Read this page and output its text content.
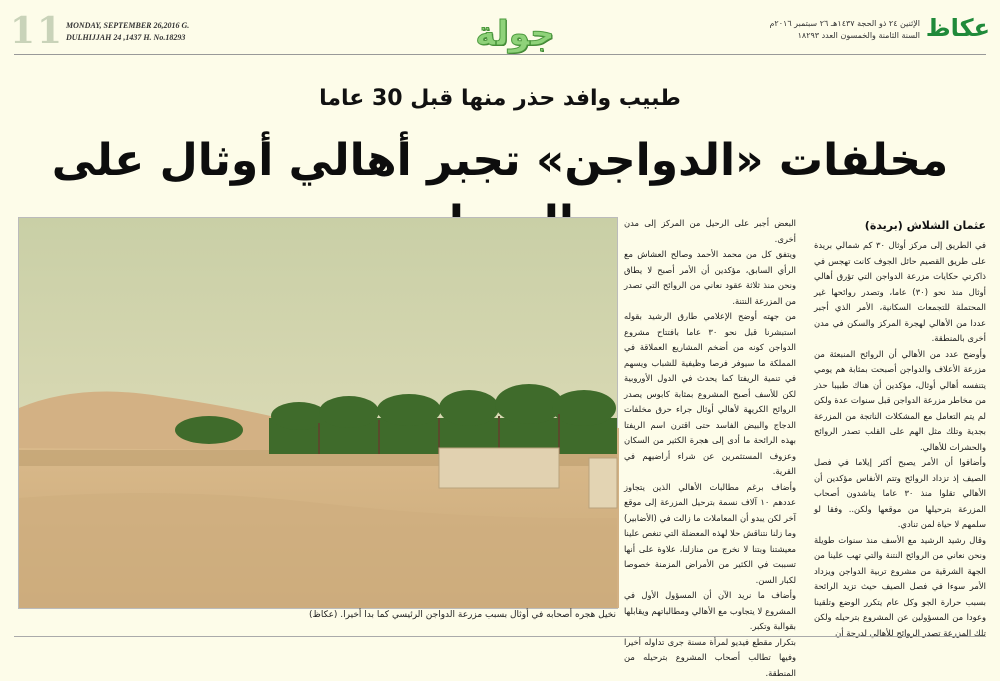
11 MONDAY, SEPTEMBER 26,2016 G.
DULHIJJAH 24 ,1437 H. No.18293	جولة	عكاظ
الإثنين ٢٤ ذو الحجة ١٤٣٧هـ ٢٦ سبتمبر ٢٠١٦م
السنة الثامنة والخمسون العدد ١٨٢٩٣
طبيب وافد حذر منها قبل 30 عاما
مخلفات «الدواجن» تجبر أهالي أوثال على
نخيل هجره أصحابه في أوثال بسبب مزرعة الدواجن الرئيسي كما بدا أخيرا. (عكاظ)
عثمان الشلاش (بريدة)

في الطريق إلى مركز أوثال ٣٠ كم شمالي بريدة على طريق القصيم حائل الجوف كانت تهجس في ذاكرتي حكايات مزرعة الدواجن التي تؤرق أهالي أوثال منذ نحو (٣٠) عاما، وتصدر روائحها غير المحتملة للتجمعات السكانية، الأمر الذي أجبر عددا من الأهالي لهجرة المركز والسكن في مدن أخرى بالمنطقة.

وأوضح عدد من الأهالي أن الروائح المنبعثة من مزرعة الأعلاف والدواجن أصبحت بمثابة هم يومي يتنفسه أهالي أوثال، مؤكدين أن هناك طبيبا حذر من مخاطر مزرعة الدواجن قبل سنوات عدة ولكن لم يتم التعامل مع المشكلات الناتجة من المزرعة بجدية وتلك مثل الهم على القلب تصدر الروائح والحشرات للأهالي.

وأضافوا أن الأمر يصبح أكثر إيلاما في فصل الصيف إذ تزداد الروائح وتتم الأنفاس مؤكدين أن الأهالي تقلوا منذ ٣٠ عاما يناشدون أصحاب المزرعة بترحيلها من موقعها ولكن.. وفقا لو سلمهم لا حياة لمن تنادي.

وقال رشيد الرشيد مع الأسف منذ سنوات طويلة ونحن نعاني من الروائح النتنة والتي تهب علينا من الجهة الشرقية من مشروع تربية الدواجن ويزداد الأمر سوءا في فصل الصيف حيث تزيد الرائحة بسبب حرارة الجو وكل عام يتكرر الوضع وتلقينا وعودا من المسؤولين عن المشروع بترحيله ولكن تلك المزرعة تصدر الروائح للأهالي لدرجة أن

البعض أجبر على الرحيل من المركز إلى مدن أخرى.

ويتفق كل من محمد الأحمد وصالح العشاش مع الرأي السابق، مؤكدين أن الأمر أصبح لا يطاق ونحن منذ ثلاثة عقود نعاني من الروائح التي تصدر من المزرعة النتنة.

من جهته أوضح الإعلامي طارق الرشيد بقوله استبشرنا قبل نحو ٣٠ عاما بافتتاح مشروع الدواجن كونه من أضخم المشاريع العملاقة في المملكة ما سيوفر فرصا وظيفية للشباب ويسهم في تنمية الريفتا كما يحدث في الدول الأوروبية لكن للأسف أصبح المشروع بمثابة كابوس يصدر الروائح الكريهة لأهالي أوثال جراء حرق مخلفات الدجاج والبيض الفاسد حتى اقترن اسم الريفتا بهذه الرائحة ما أدى إلى هجرة الكثير من السكان وعزوف المستثمرين عن شراء أراضيهم في القرية.

وأضاف برغم مطالبات الأهالي الذين يتجاوز عددهم ١٠ آلاف نسمة بترحيل المزرعة إلى موقع آخر لكن يبدو أن المعاملات ما زالت في (الأضابير) وما زلنا نتناقش حلا لهذه المعضلة التي تنغص علينا معيشتنا وبتنا لا نخرج من منازلنا، علاوة على أنها تسببت في الكثير من الأمراض المزمنة خصوصا لكبار السن.

وأضاف ما نريد الآن أن المسؤول الأول في المشروع لا يتجاوب مع الأهالي ومطالباتهم ويقابلها بقوالبة وتكبر.

بتكرار مقطع فيديو لمرأة مسنة جرى تداوله أخيرا وفيها تطالب أصحاب المشروع بترحيله من المنطقة.
